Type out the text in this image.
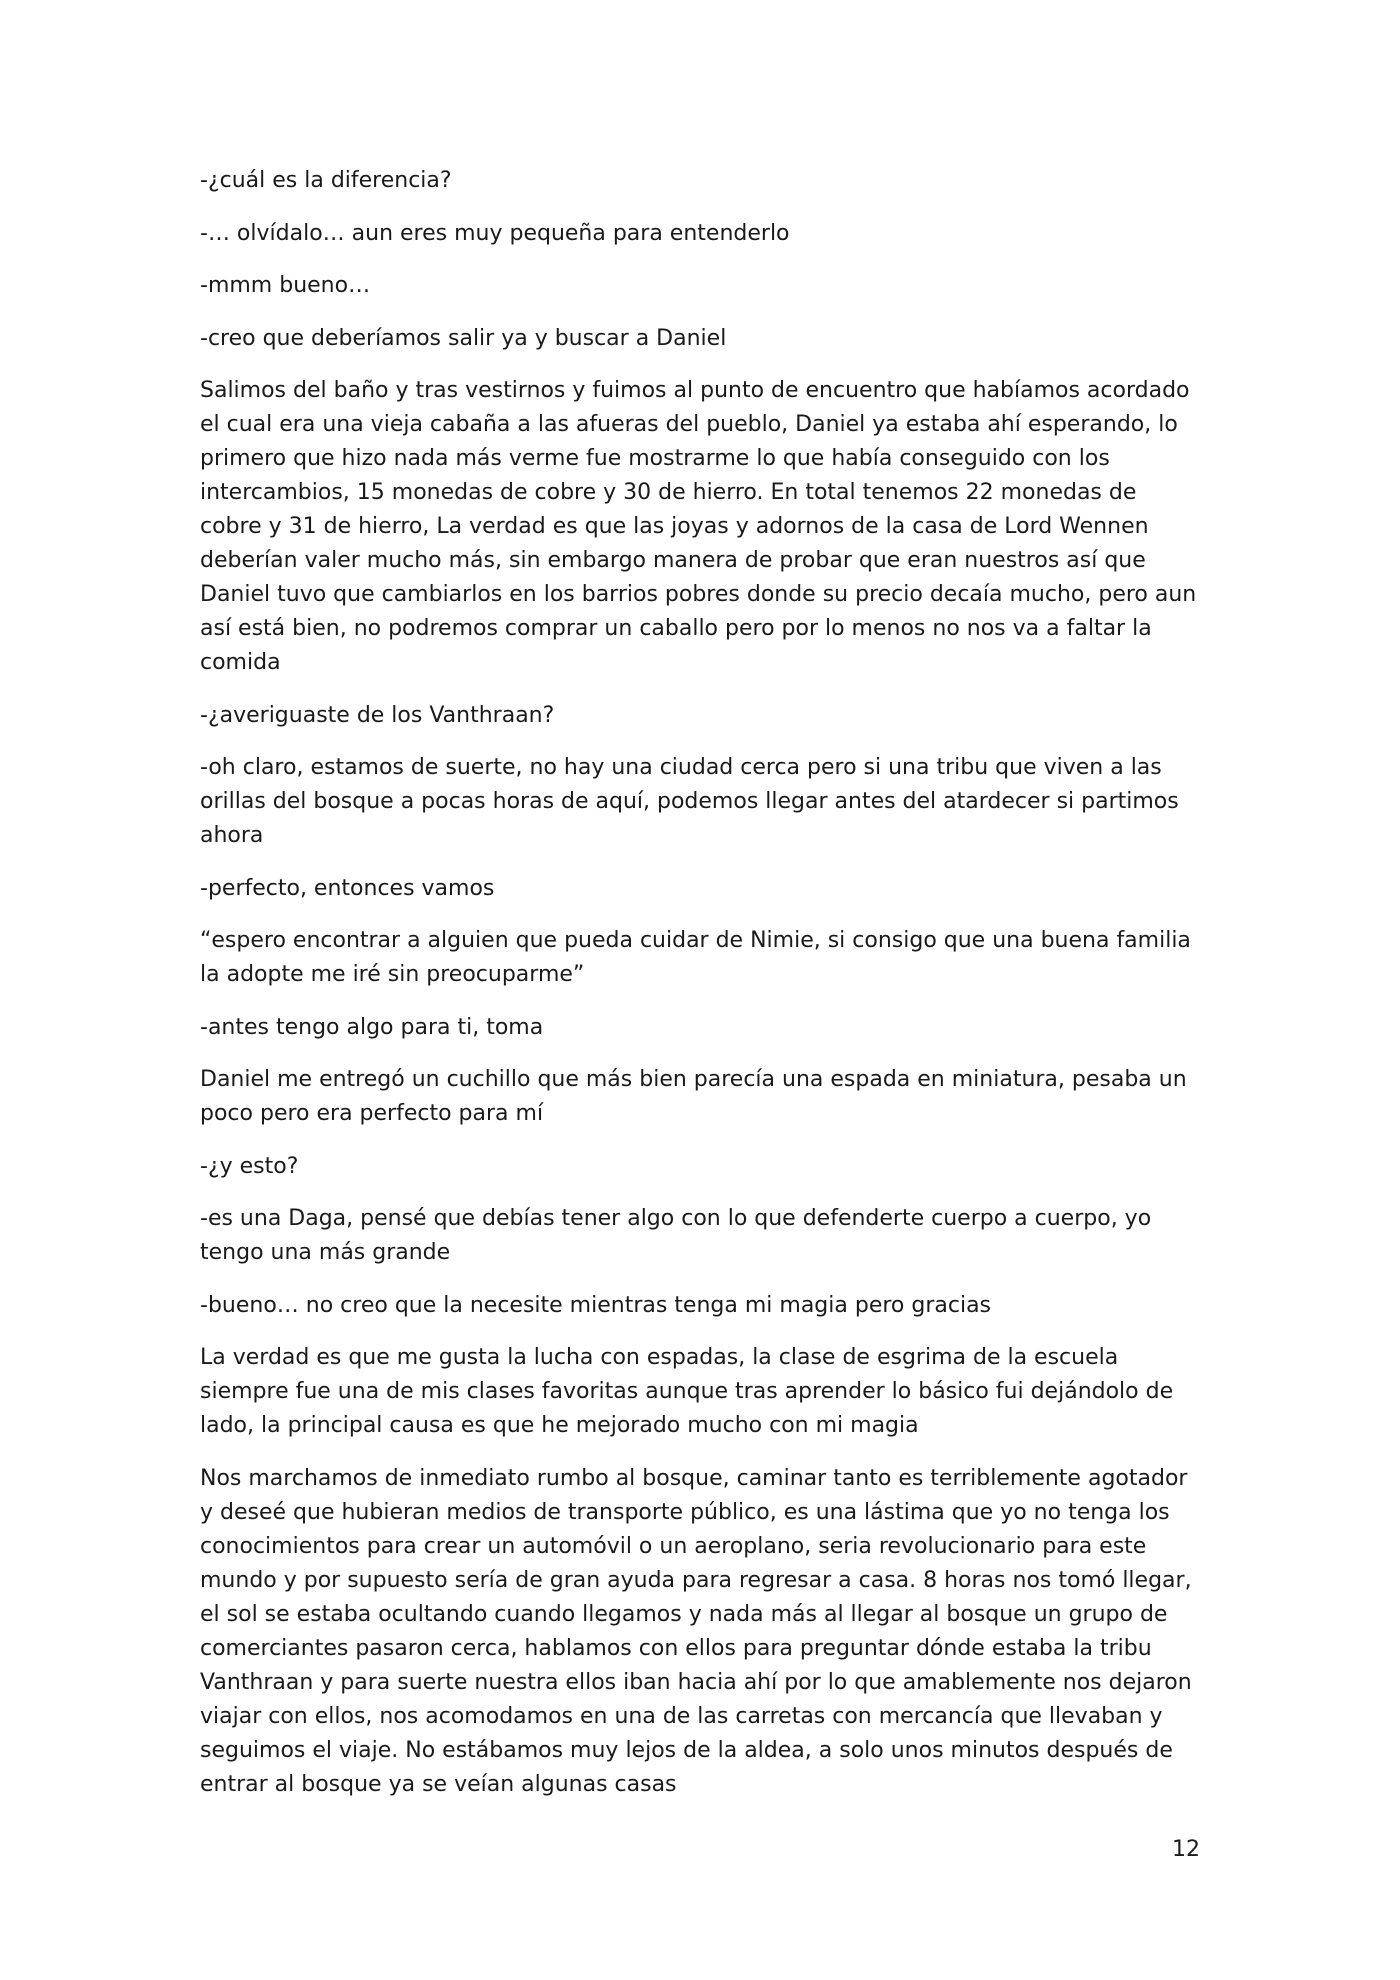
-¿cuál es la diferencia?

-… olvídalo… aun eres muy pequeña para entenderlo

-mmm bueno…

-creo que deberíamos salir ya y buscar a Daniel

Salimos del baño y tras vestirnos y fuimos al punto de encuentro que habíamos acordado el cual era una vieja cabaña a las afueras del pueblo, Daniel ya estaba ahí esperando, lo primero que hizo nada más verme fue mostrarme lo que había conseguido con los intercambios, 15 monedas de cobre y 30 de hierro. En total tenemos 22 monedas de cobre y 31 de hierro, La verdad es que las joyas y adornos de la casa de Lord Wennen deberían valer mucho más, sin embargo manera de probar que eran nuestros así que Daniel tuvo que cambiarlos en los barrios pobres donde su precio decaía mucho, pero aun así está bien, no podremos comprar un caballo pero por lo menos no nos va a faltar la comida

-¿averiguaste de los Vanthraan?

-oh claro, estamos de suerte, no hay una ciudad cerca pero si una tribu que viven a las orillas del bosque a pocas horas de aquí, podemos llegar antes del atardecer si partimos ahora

-perfecto, entonces vamos

“espero encontrar a alguien que pueda cuidar de Nimie, si consigo que una buena familia la adopte me iré sin preocuparme”

-antes tengo algo para ti, toma

Daniel me entregó un cuchillo que más bien parecía una espada en miniatura, pesaba un poco pero era perfecto para mí

-¿y esto?

-es una Daga, pensé que debías tener algo con lo que defenderte cuerpo a cuerpo, yo tengo una más grande

-bueno… no creo que la necesite mientras tenga mi magia pero gracias

La verdad es que me gusta la lucha con espadas, la clase de esgrima de la escuela siempre fue una de mis clases favoritas aunque tras aprender lo básico fui dejándolo de lado, la principal causa es que he mejorado mucho con mi magia

Nos marchamos de inmediato rumbo al bosque, caminar tanto es terriblemente agotador y deseé que hubieran medios de transporte público, es una lástima que yo no tenga los conocimientos para crear un automóvil o un aeroplano, seria revolucionario para este mundo y por supuesto sería de gran ayuda para regresar a casa. 8 horas nos tomó llegar, el sol se estaba ocultando cuando llegamos y nada más al llegar al bosque un grupo de comerciantes pasaron cerca, hablamos con ellos para preguntar dónde estaba la tribu Vanthraan y para suerte nuestra ellos iban hacia ahí por lo que amablemente nos dejaron viajar con ellos, nos acomodamos en una de las carretas con mercancía que llevaban y seguimos el viaje. No estábamos muy lejos de la aldea, a solo unos minutos después de entrar al bosque ya se veían algunas casas

12
